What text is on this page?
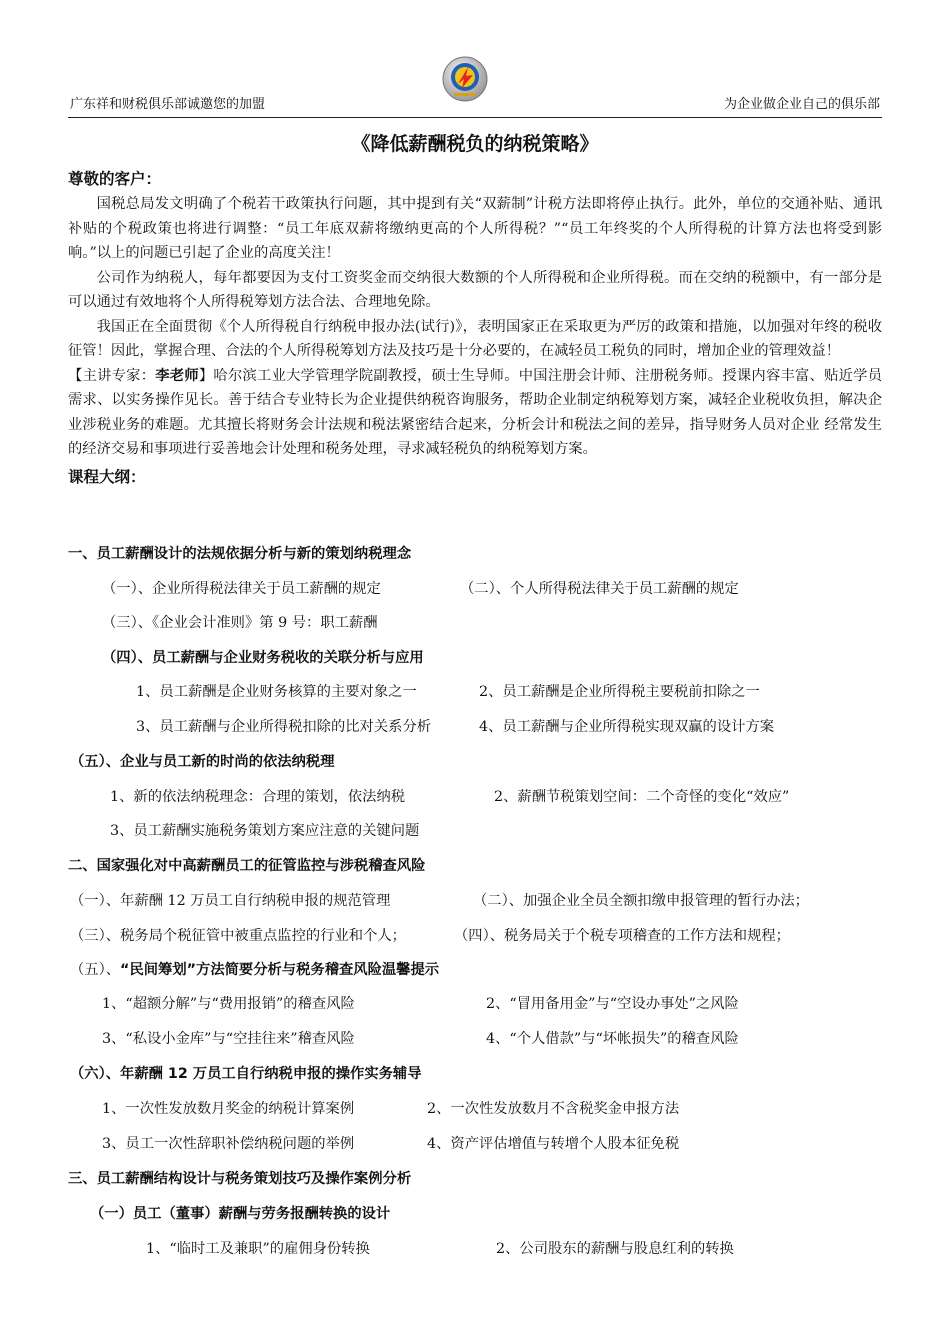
广东祥和财税俱乐部诚邀您的加盟	为企业做企业自己的俱乐部
《降低薪酬税负的纳税策略》
尊敬的客户：

国税总局发文明确了个税若干政策执行问题，其中提到有关“双薪制”计税方法即将停止执行。此外，单位的交通补贴、通讯补贴的个税政策也将进行调整：“员工年底双薪将缴纳更高的个人所得税？”“员工年终奖的个人所得税的计算方法也将受到影响。”以上的问题已引起了企业的高度关注！

公司作为纳税人，每年都要因为支付工资奖金而交纳很大数额的个人所得税和企业所得税。而在交纳的税额中，有一部分是可以通过有效地将个人所得税筹划方法合法、合理地免除。

我国正在全面贯彻《个人所得税自行纳税申报办法(试行)》，表明国家正在采取更为严厉的政策和措施，以加强对年终的税收征管！因此，掌握合理、合法的个人所得税筹划方法及技巧是十分必要的，在减轻员工税负的同时，增加企业的管理效益！

【主讲专家：李老师】哈尔滨工业大学管理学院副教授，硕士生导师。中国注册会计师、注册税务师。授课内容丰富、贴近学员需求、以实务操作见长。善于结合专业特长为企业提供纳税咨询服务，帮助企业制定纳税筹划方案，减轻企业税收负担，解决企业涉税业务的难题。尤其擅长将财务会计法规和税法紧密结合起来，分析会计和税法之间的差异，指导财务人员对企业 经常发生的经济交易和事项进行妥善地会计处理和税务处理，寻求减轻税负的纳税筹划方案。

课程大纲：
一、员工薪酬设计的法规依据分析与新的策划纳税理念
（一）、企业所得税法律关于员工薪酬的规定	（二）、个人所得税法律关于员工薪酬的规定
（三）、《企业会计准则》第 9 号：职工薪酬
（四）、员工薪酬与企业财务税收的关联分析与应用
1、员工薪酬是企业财务核算的主要对象之一	2、员工薪酬是企业所得税主要税前扣除之一
3、员工薪酬与企业所得税扣除的比对关系分析	4、员工薪酬与企业所得税实现双赢的设计方案
（五）、企业与员工新的时尚的依法纳税理
1、新的依法纳税理念：合理的策划，依法纳税	2、薪酬节税策划空间：二个奇怪的变化“效应”
3、员工薪酬实施税务策划方案应注意的关键问题
二、国家强化对中高薪酬员工的征管监控与涉税稽查风险
（一）、年薪酬 12 万员工自行纳税申报的规范管理	（二）、加强企业全员全额扣缴申报管理的暂行办法；
（三）、税务局个税征管中被重点监控的行业和个人；	（四）、税务局关于个税专项稽查的工作方法和规程；
（五）、“民间筹划”方法简要分析与税务稽查风险温馨提示
1、“超额分解”与“费用报销”的稽查风险	2、“冒用备用金”与“空设办事处”之风险
3、“私设小金库”与“空挂往来”稽查风险	4、“个人借款”与“坏帐损失”的稽查风险
（六）、年薪酬 12 万员工自行纳税申报的操作实务辅导
1、一次性发放数月奖金的纳税计算案例	2、一次性发放数月不含税奖金申报方法
3、员工一次性辞职补偿纳税问题的举例	4、资产评估增值与转增个人股本征免税
三、员工薪酬结构设计与税务策划技巧及操作案例分析
（一）员工（董事）薪酬与劳务报酬转换的设计
1、“临时工及兼职”的雇佣身份转换	2、公司股东的薪酬与股息红利的转换
